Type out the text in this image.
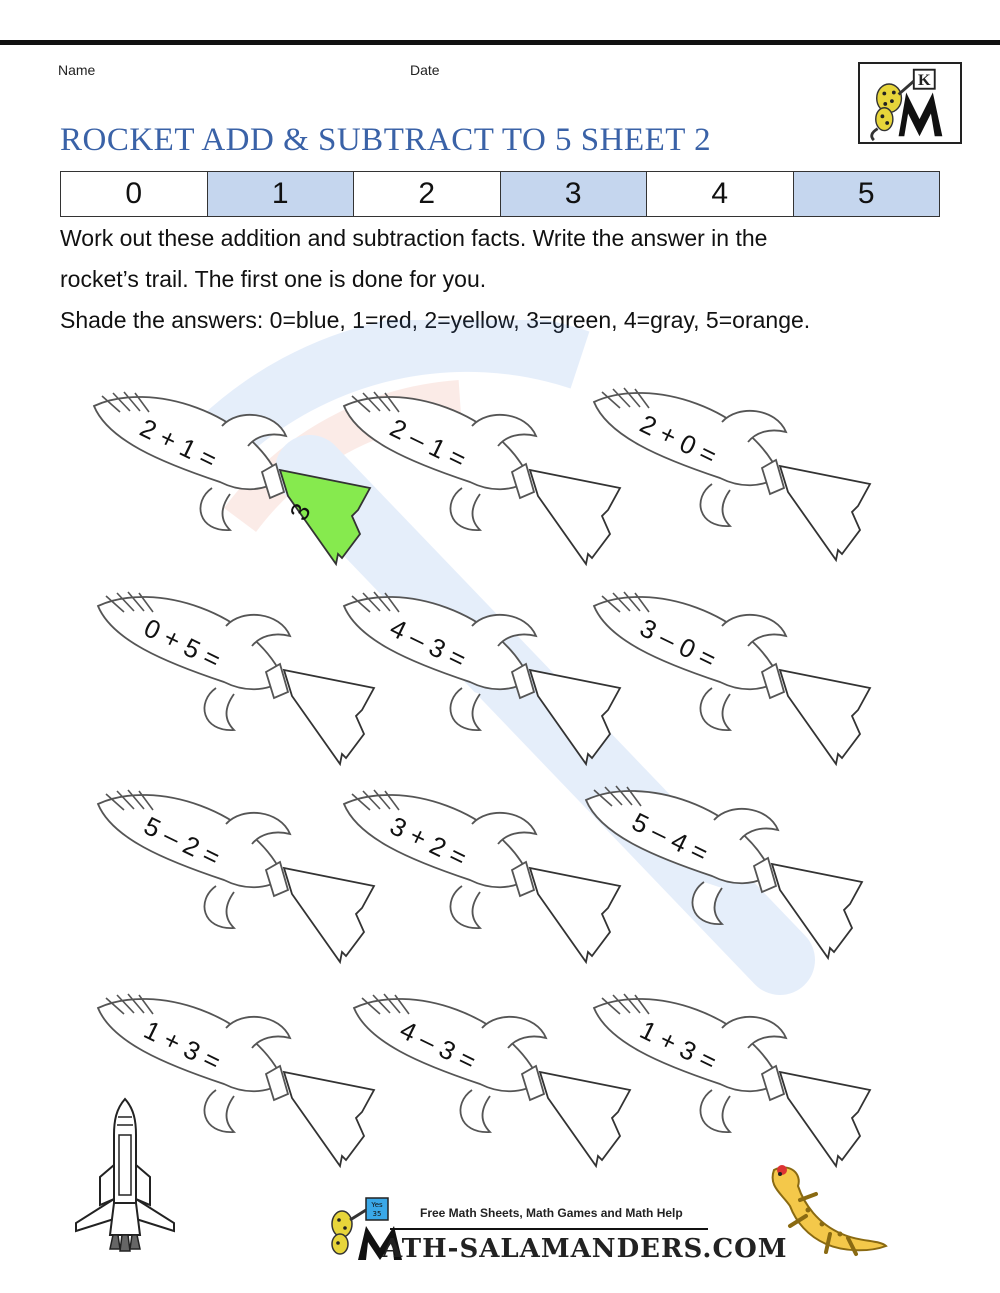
Name	Date
K
ROCKET ADD & SUBTRACT TO 5 SHEET 2
0	1	2	3	4	5
Work out these addition and subtraction facts. Write the answer in the
rocket’s trail. The first one is done for you.
Shade the answers: 0=blue, 1=red, 2=yellow, 3=green, 4=gray, 5=orange.
2 + 1 =
3
2 – 1 =	2 + 0 =
0 + 5 =	4 – 3 =	3 – 0 =
5 – 2 =	3 + 2 =	5 – 4 =
1 + 3 =	4 – 3 =	1 + 3 =
Yes
35	Free Math Sheets, Math Games and Math Help
ATH-SALAMANDERS.COM
